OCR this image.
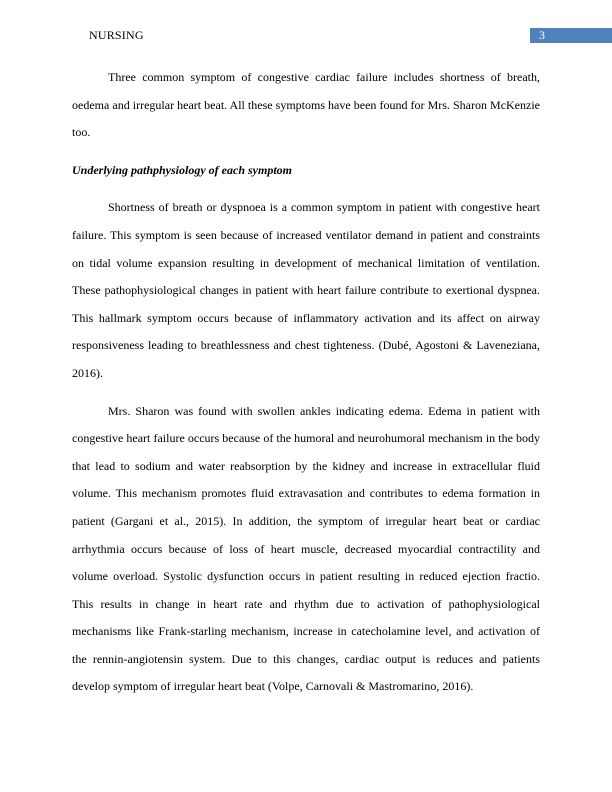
NURSING	3

Three common symptom of congestive cardiac failure includes shortness of breath, oedema and irregular heart beat. All these symptoms have been found for Mrs. Sharon McKenzie too.

Underlying pathphysiology of each symptom

Shortness of breath or dyspnoea is a common symptom in patient with congestive heart failure. This symptom is seen because of increased ventilator demand in patient and constraints on tidal volume expansion resulting in development of mechanical limitation of ventilation. These pathophysiological changes in patient with heart failure contribute to exertional dyspnea. This hallmark symptom occurs because of inflammatory activation and its affect on airway responsiveness leading to breathlessness and chest tighteness. (Dubé, Agostoni & Laveneziana, 2016).

Mrs. Sharon was found with swollen ankles indicating edema. Edema in patient with congestive heart failure occurs because of the humoral and neurohumoral mechanism in the body that lead to sodium and water reabsorption by the kidney and increase in extracellular fluid volume. This mechanism promotes fluid extravasation and contributes to edema formation in patient (Gargani et al., 2015). In addition, the symptom of irregular heart beat or cardiac arrhythmia occurs because of loss of heart muscle, decreased myocardial contractility and volume overload. Systolic dysfunction occurs in patient resulting in reduced ejection fractio. This results in change in heart rate and rhythm due to activation of pathophysiological mechanisms like Frank-starling mechanism, increase in catecholamine level, and activation of the rennin-angiotensin system. Due to this changes, cardiac output is reduces and patients develop symptom of irregular heart beat (Volpe, Carnovali & Mastromarino, 2016).
